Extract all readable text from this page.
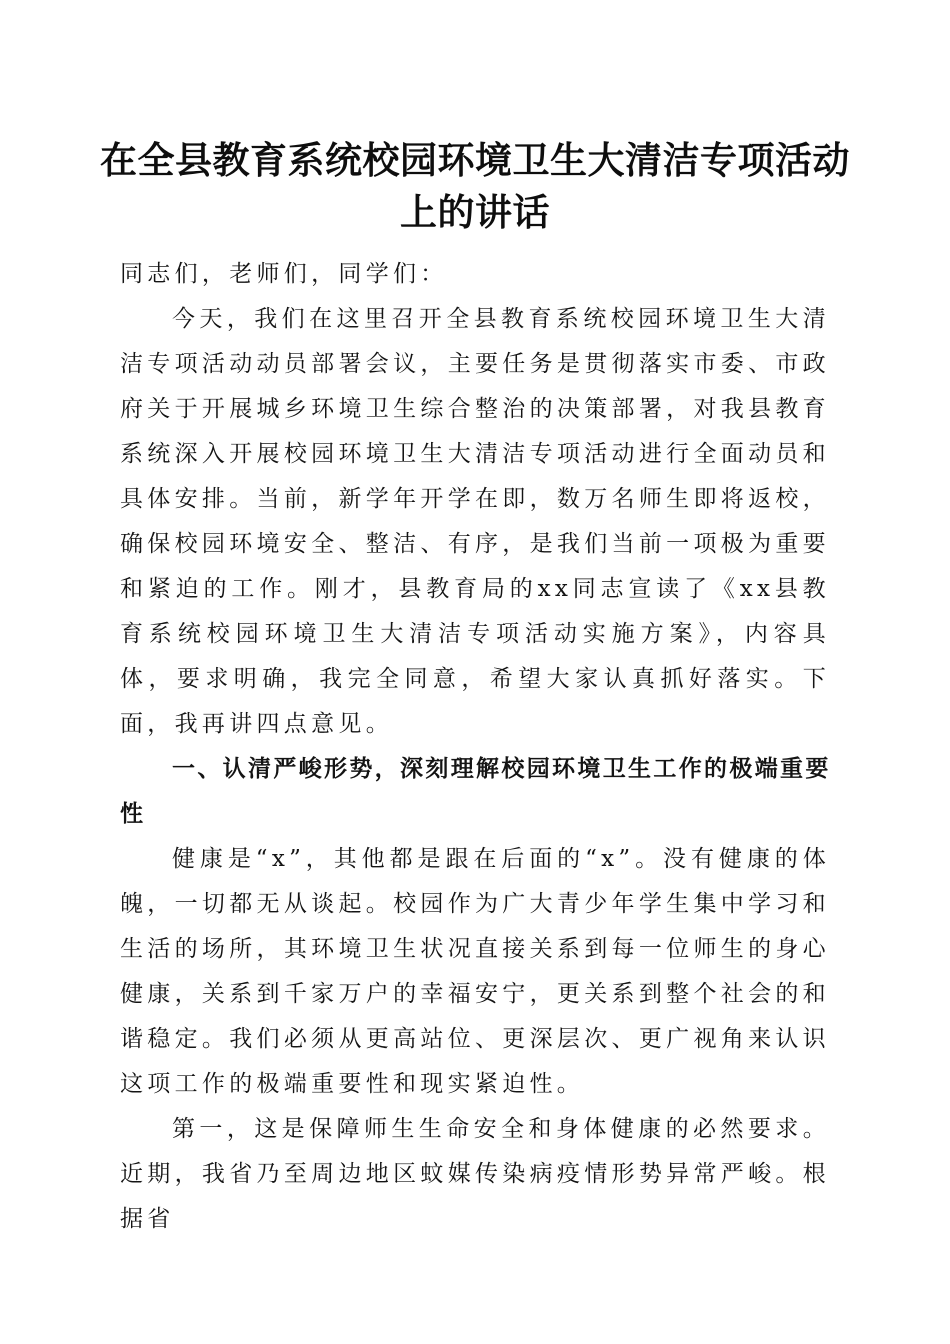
在全县教育系统校园环境卫生大清洁专项活动
上的讲话

同志们，老师们，同学们：

今天，我们在这里召开全县教育系统校园环境卫生大清洁专项活动动员部署会议，主要任务是贯彻落实市委、市政府关于开展城乡环境卫生综合整治的决策部署，对我县教育系统深入开展校园环境卫生大清洁专项活动进行全面动员和具体安排。当前，新学年开学在即，数万名师生即将返校，确保校园环境安全、整洁、有序，是我们当前一项极为重要和紧迫的工作。刚才，县教育局的xx同志宣读了《xx县教育系统校园环境卫生大清洁专项活动实施方案》，内容具体，要求明确，我完全同意，希望大家认真抓好落实。下面，我再讲四点意见。

一、认清严峻形势，深刻理解校园环境卫生工作的极端重要性

健康是“x”，其他都是跟在后面的“x”。没有健康的体魄，一切都无从谈起。校园作为广大青少年学生集中学习和生活的场所，其环境卫生状况直接关系到每一位师生的身心健康，关系到千家万户的幸福安宁，更关系到整个社会的和谐稳定。我们必须从更高站位、更深层次、更广视角来认识这项工作的极端重要性和现实紧迫性。

第一，这是保障师生生命安全和身体健康的必然要求。近期，我省乃至周边地区蚊媒传染病疫情形势异常严峻。根据省
